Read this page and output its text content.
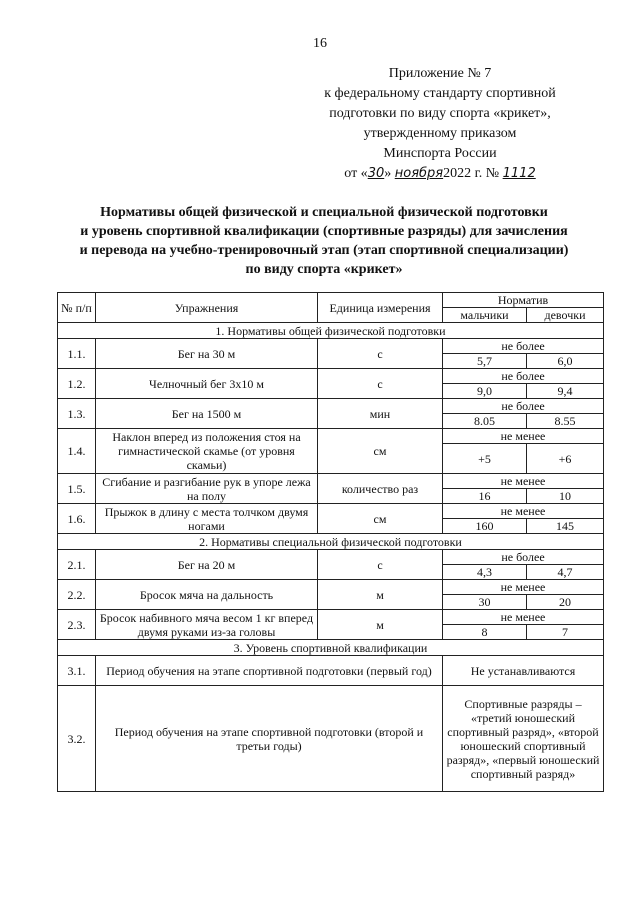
16
Приложение № 7
к федеральному стандарту спортивной
подготовки по виду спорта «крикет»,
утвержденному приказом
Минспорта России
от «30» ноября2022 г. № 1112
Нормативы общей физической и специальной физической подготовки
и уровень спортивной квалификации (спортивные разряды) для зачисления
и перевода на учебно-тренировочный этап (этап спортивной специализации)
по виду спорта «крикет»
№ п/п	Упражнения	Единица измерения	Норматив	
			мальчики	девочки
1. Нормативы общей физической подготовки				
1.1.	Бег на 30 м	с	не более	
			5,7	6,0
1.2.	Челночный бег 3х10 м	с	не более	
			9,0	9,4
1.3.	Бег на 1500 м	мин	не более	
			8.05	8.55
1.4.	Наклон вперед из положения стоя на гимнастической скамье (от уровня скамьи)	см	не менее	
			+5	+6
1.5.	Сгибание и разгибание рук в упоре лежа на полу	количество раз	не менее	
			16	10
1.6.	Прыжок в длину с места толчком двумя ногами	см	не менее	
			160	145
2. Нормативы специальной физической подготовки				
2.1.	Бег на 20 м	с	не более	
			4,3	4,7
2.2.	Бросок мяча на дальность	м	не менее	
			30	20
2.3.	Бросок набивного мяча весом 1 кг вперед двумя руками из-за головы	м	не менее	
			8	7
3. Уровень спортивной квалификации				
3.1.	Период обучения на этапе спортивной подготовки (первый год)		Не устанавливаются	
3.2.	Период обучения на этапе спортивной подготовки (второй и третьи годы)		Спортивные разряды – «третий юношеский спортивный разряд», «второй юношеский спортивный разряд», «первый юношеский спортивный разряд»	
